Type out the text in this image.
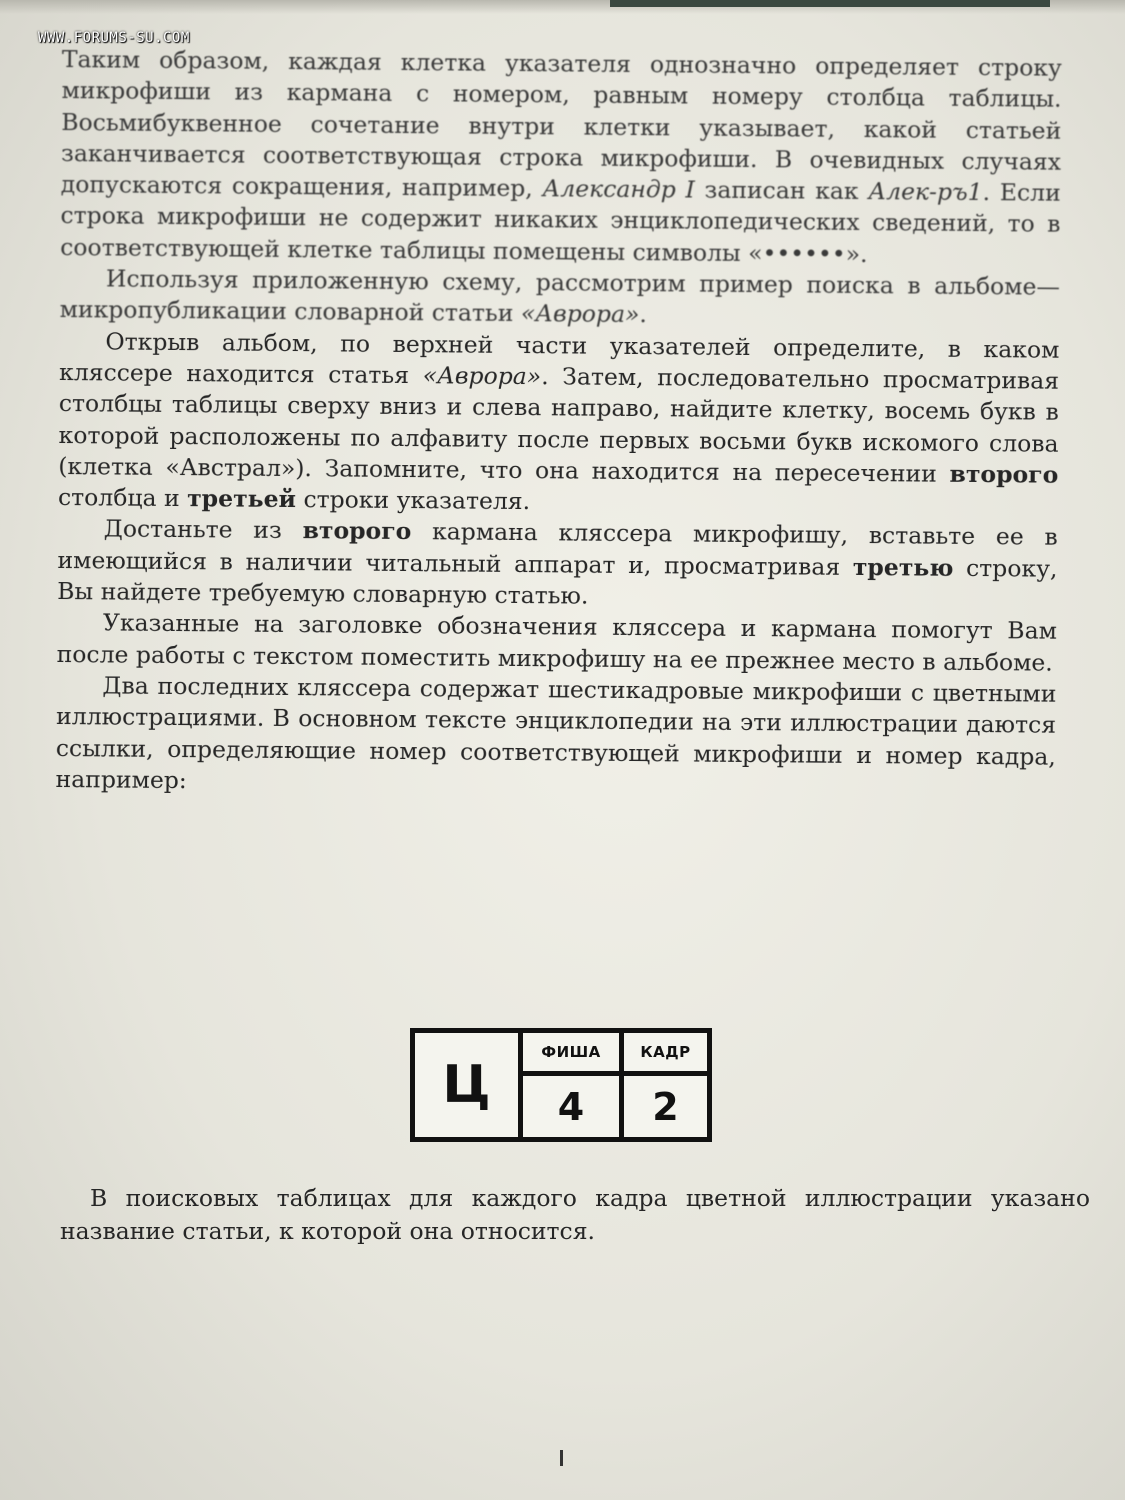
WWW.FORUMS-SU.COM

Таким образом, каждая клетка указателя однозначно определяет строку микрофиши из кармана с номером, равным номеру столбца таблицы. Восьмибуквенное сочетание внутри клетки указывает, какой статьей заканчивается соответствующая строка микрофиши. В очевидных случаях допускаются сокращения, например, Александр I записан как Алек-ръ1. Если строка микрофиши не содержит никаких энциклопедических сведений, то в соответствующей клетке таблицы помещены символы «••••••».

Используя приложенную схему, рассмотрим пример поиска в альбоме—микропубликации словарной статьи «Аврора».

Открыв альбом, по верхней части указателей определите, в каком кляссере находится статья «Аврора». Затем, последовательно просматривая столбцы таблицы сверху вниз и слева направо, найдите клетку, восемь букв в которой расположены по алфавиту после первых восьми букв искомого слова (клетка «Австрал»). Запомните, что она находится на пересечении второго столбца и третьей строки указателя.

Достаньте из второго кармана кляссера микрофишу, вставьте ее в имеющийся в наличии читальный аппарат и, просматривая третью строку, Вы найдете требуемую словарную статью.

Указанные на заголовке обозначения кляссера и кармана помогут Вам после работы с текстом поместить микрофишу на ее прежнее место в альбоме.

Два последних кляссера содержат шестикадровые микрофиши с цветными иллюстрациями. В основном тексте энциклопедии на эти иллюстрации даются ссылки, определяющие номер соответствующей микрофиши и номер кадра, например:

Ц
ФИША
4
КАДР
2

В поисковых таблицах для каждого кадра цветной иллюстрации указано название статьи, к которой она относится.
